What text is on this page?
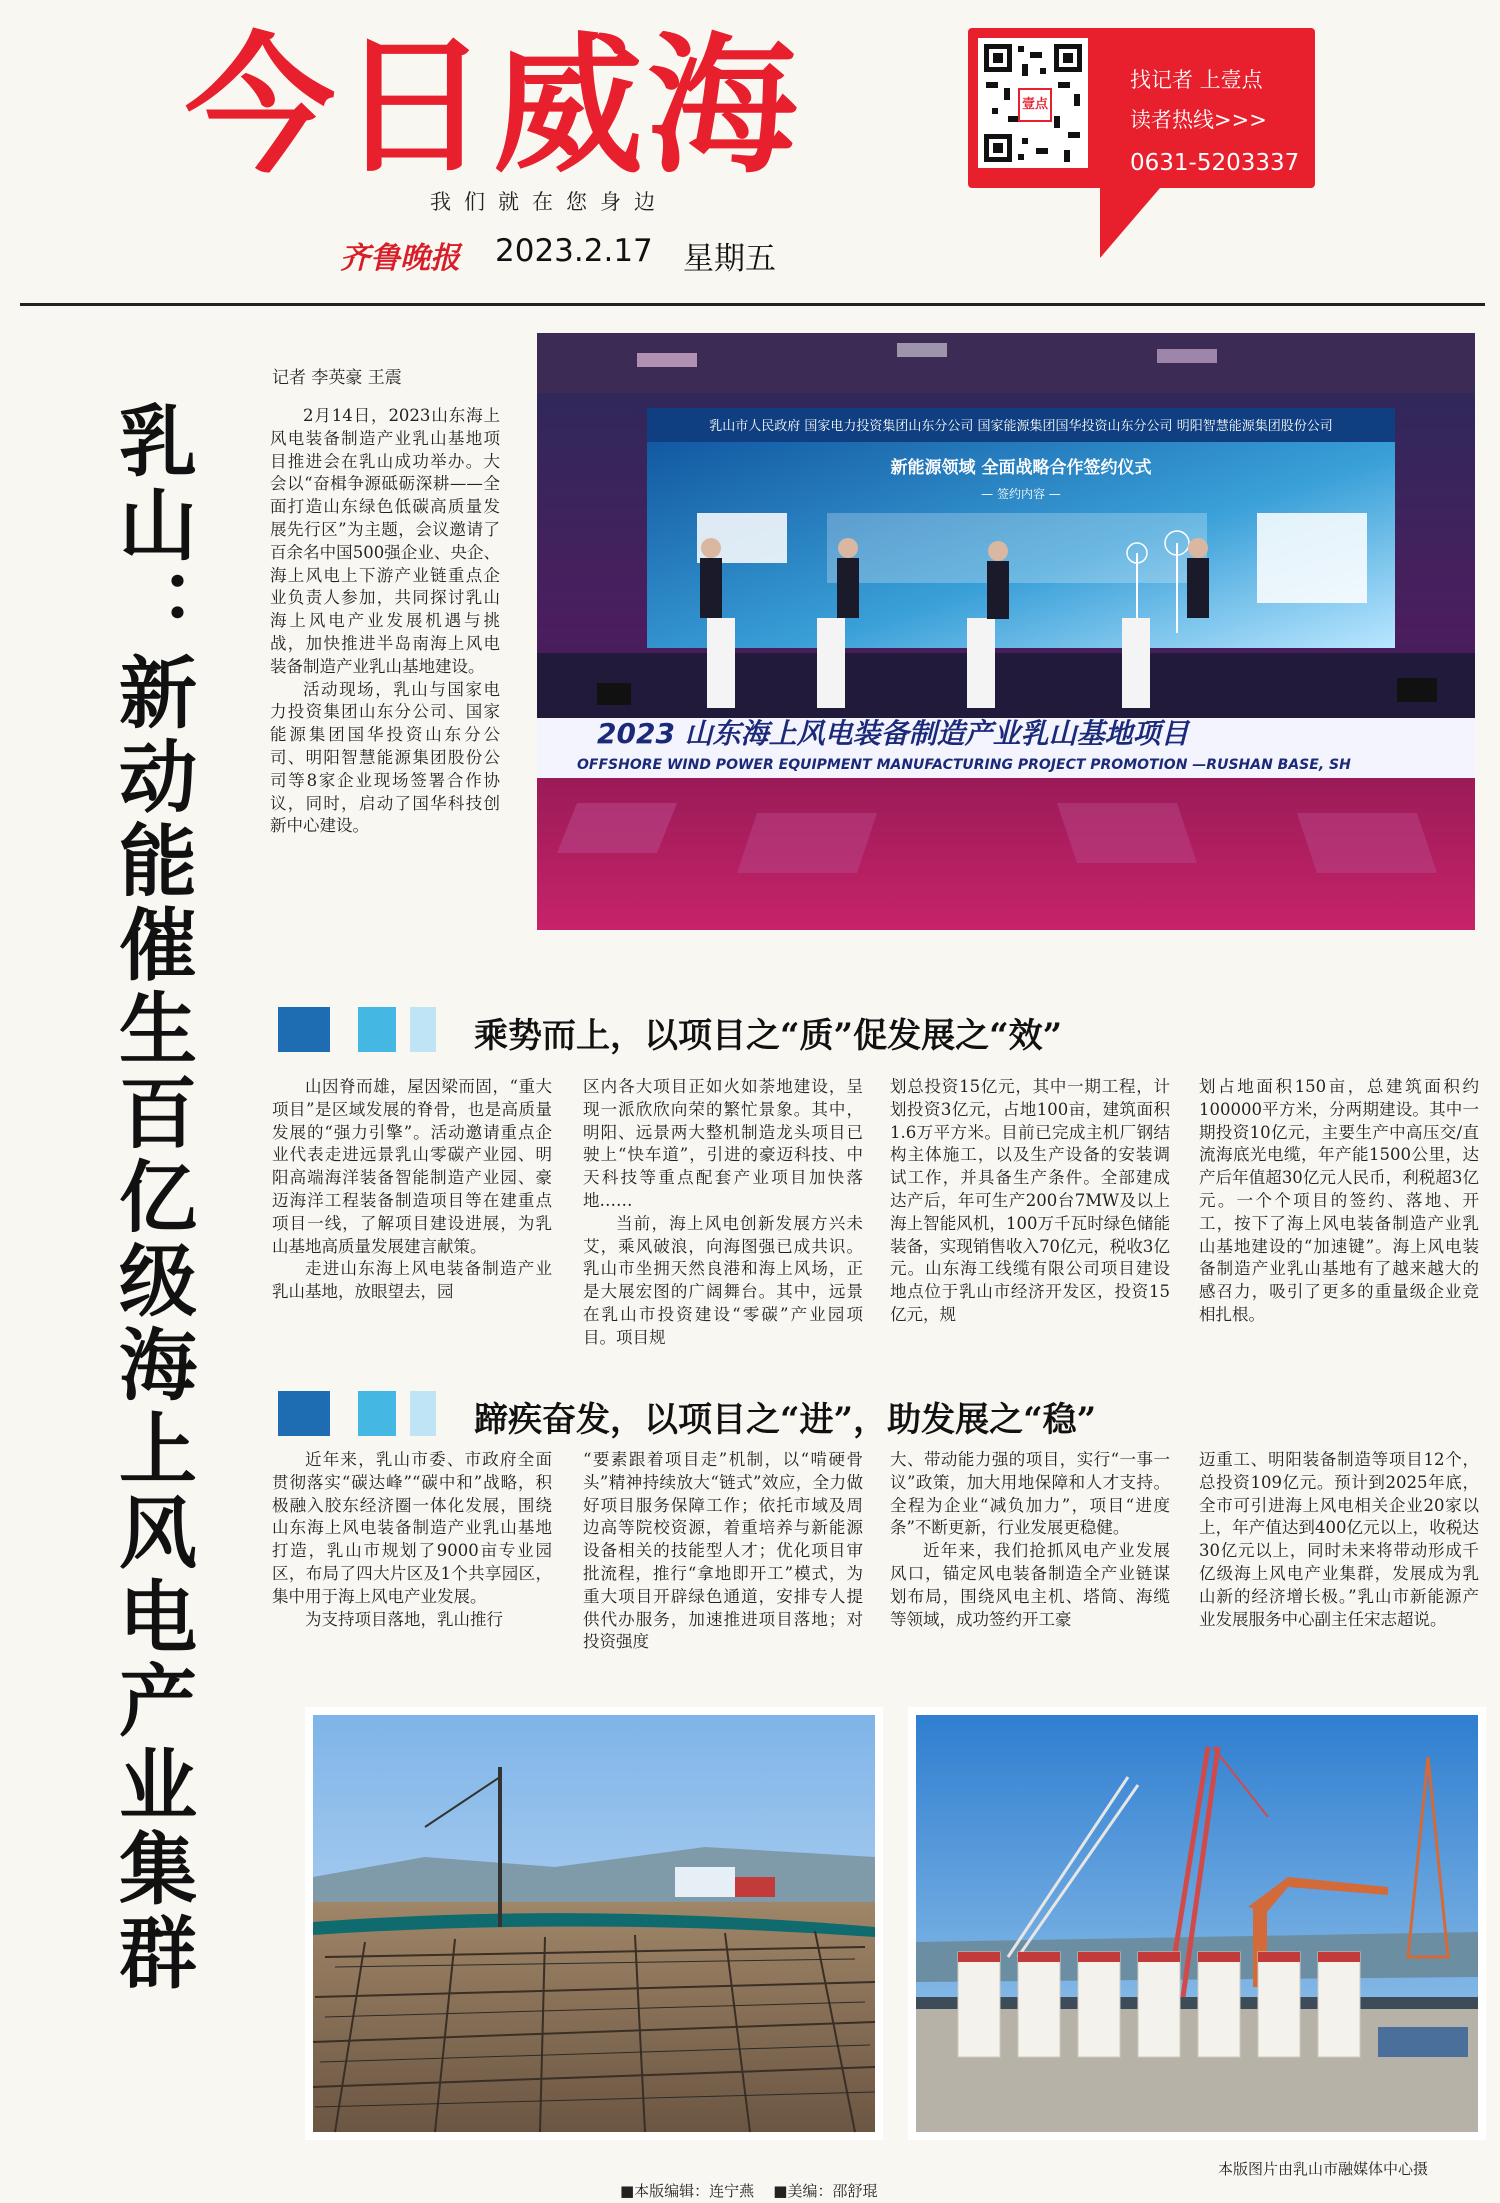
今日威海
我们就在您身边
壹点
找记者 上壹点
读者热线>>>
0631-5203337
齐鲁晚报 2023.2.17 星期五
乳山：新动能催生百亿级海上风电产业集群
记者 李英豪 王震

2月14日，2023山东海上风电装备制造产业乳山基地项目推进会在乳山成功举办。大会以“奋楫争源砥砺深耕——全面打造山东绿色低碳高质量发展先行区”为主题，会议邀请了百余名中国500强企业、央企、海上风电上下游产业链重点企业负责人参加，共同探讨乳山海上风电产业发展机遇与挑战，加快推进半岛南海上风电装备制造产业乳山基地建设。

活动现场，乳山与国家电力投资集团山东分公司、国家能源集团国华投资山东分公司、明阳智慧能源集团股份公司等8家企业现场签署合作协议，同时，启动了国华科技创新中心建设。

乳山市人民政府 国家电力投资集团山东分公司 国家能源集团国华投资山东分公司 明阳智慧能源集团股份公司
新能源领域 全面战略合作签约仪式
— 签约内容 —
2023 山东海上风电装备制造产业乳山基地项目
OFFSHORE WIND POWER EQUIPMENT MANUFACTURING PROJECT PROMOTION —RUSHAN BASE, SH
乘势而上，以项目之“质”促发展之“效”

山因脊而雄，屋因梁而固，“重大项目”是区域发展的脊骨，也是高质量发展的“强力引擎”。活动邀请重点企业代表走进远景乳山零碳产业园、明阳高端海洋装备智能制造产业园、豪迈海洋工程装备制造项目等在建重点项目一线，了解项目建设进展，为乳山基地高质量发展建言献策。

走进山东海上风电装备制造产业乳山基地，放眼望去，园

区内各大项目正如火如荼地建设，呈现一派欣欣向荣的繁忙景象。其中，明阳、远景两大整机制造龙头项目已驶上“快车道”，引进的豪迈科技、中天科技等重点配套产业项目加快落地……

当前，海上风电创新发展方兴未艾，乘风破浪，向海图强已成共识。乳山市坐拥天然良港和海上风场，正是大展宏图的广阔舞台。其中，远景在乳山市投资建设“零碳”产业园项目。项目规

划总投资15亿元，其中一期工程，计划投资3亿元，占地100亩，建筑面积1.6万平方米。目前已完成主机厂钢结构主体施工，以及生产设备的安装调试工作，并具备生产条件。全部建成达产后，年可生产200台7MW及以上海上智能风机，100万千瓦时绿色储能装备，实现销售收入70亿元，税收3亿元。山东海工线缆有限公司项目建设地点位于乳山市经济开发区，投资15亿元，规

划占地面积150亩，总建筑面积约100000平方米，分两期建设。其中一期投资10亿元，主要生产中高压交/直流海底光电缆，年产能1500公里，达产后年值超30亿元人民币，利税超3亿元。一个个项目的签约、落地、开工，按下了海上风电装备制造产业乳山基地建设的“加速键”。海上风电装备制造产业乳山基地有了越来越大的感召力，吸引了更多的重量级企业竞相扎根。

蹄疾奋发，以项目之“进”，助发展之“稳”

近年来，乳山市委、市政府全面贯彻落实“碳达峰”“碳中和”战略，积极融入胶东经济圈一体化发展，围绕山东海上风电装备制造产业乳山基地打造，乳山市规划了9000亩专业园区，布局了四大片区及1个共享园区，集中用于海上风电产业发展。

为支持项目落地，乳山推行

“要素跟着项目走”机制，以“啃硬骨头”精神持续放大“链式”效应，全力做好项目服务保障工作；依托市域及周边高等院校资源，着重培养与新能源设备相关的技能型人才；优化项目审批流程，推行“拿地即开工”模式，为重大项目开辟绿色通道，安排专人提供代办服务，加速推进项目落地；对投资强度

大、带动能力强的项目，实行“一事一议”政策，加大用地保障和人才支持。全程为企业“减负加力”，项目“进度条”不断更新，行业发展更稳健。

近年来，我们抢抓风电产业发展风口，锚定风电装备制造全产业链谋划布局，围绕风电主机、塔筒、海缆等领域，成功签约开工豪

迈重工、明阳装备制造等项目12个，总投资109亿元。预计到2025年底，全市可引进海上风电相关企业20家以上，年产值达到400亿元以上，收税达30亿元以上，同时未来将带动形成千亿级海上风电产业集群，发展成为乳山新的经济增长极。”乳山市新能源产业发展服务中心副主任宋志超说。

本版图片由乳山市融媒体中心摄
■本版编辑：连宁燕 ■美编：邵舒琨
